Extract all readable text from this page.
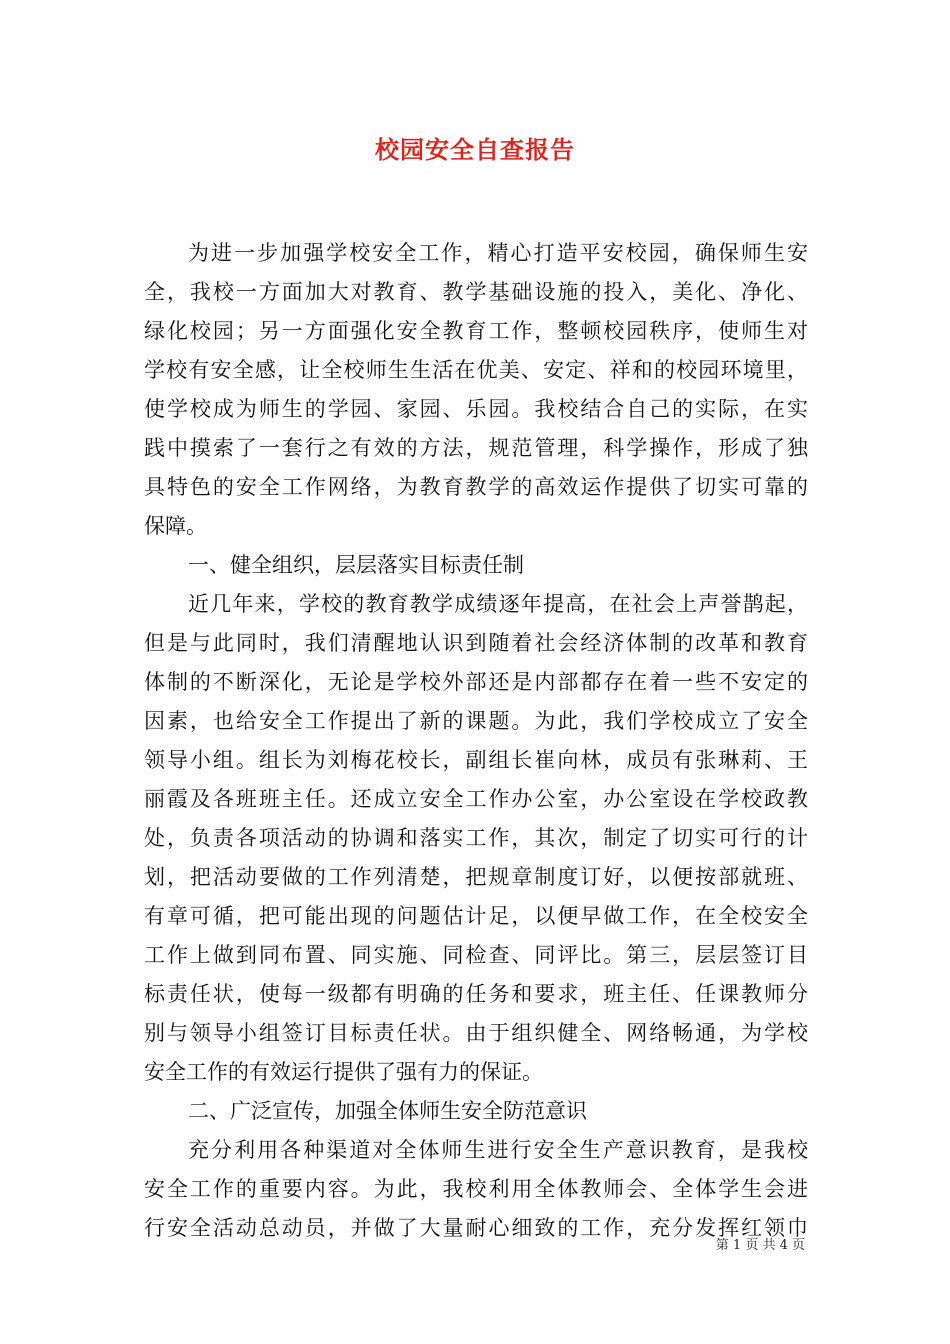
校园安全自查报告
为进一步加强学校安全工作，精心打造平安校园，确保师生安
全，我校一方面加大对教育、教学基础设施的投入，美化、净化、
绿化校园；另一方面强化安全教育工作，整顿校园秩序，使师生对
学校有安全感，让全校师生生活在优美、安定、祥和的校园环境里，
使学校成为师生的学园、家园、乐园。我校结合自己的实际，在实
践中摸索了一套行之有效的方法，规范管理，科学操作，形成了独
具特色的安全工作网络，为教育教学的高效运作提供了切实可靠的
保障。
一、健全组织，层层落实目标责任制
近几年来，学校的教育教学成绩逐年提高，在社会上声誉鹊起，
但是与此同时，我们清醒地认识到随着社会经济体制的改革和教育
体制的不断深化，无论是学校外部还是内部都存在着一些不安定的
因素，也给安全工作提出了新的课题。为此，我们学校成立了安全
领导小组。组长为刘梅花校长，副组长崔向林，成员有张琳莉、王
丽霞及各班班主任。还成立安全工作办公室，办公室设在学校政教
处，负责各项活动的协调和落实工作，其次，制定了切实可行的计
划，把活动要做的工作列清楚，把规章制度订好，以便按部就班、
有章可循，把可能出现的问题估计足，以便早做工作，在全校安全
工作上做到同布置、同实施、同检查、同评比。第三，层层签订目
标责任状，使每一级都有明确的任务和要求，班主任、任课教师分
别与领导小组签订目标责任状。由于组织健全、网络畅通，为学校
安全工作的有效运行提供了强有力的保证。
二、广泛宣传，加强全体师生安全防范意识
充分利用各种渠道对全体师生进行安全生产意识教育，是我校
安全工作的重要内容。为此，我校利用全体教师会、全体学生会进
行安全活动总动员，并做了大量耐心细致的工作，充分发挥红领巾
第 1 页 共 4 页
